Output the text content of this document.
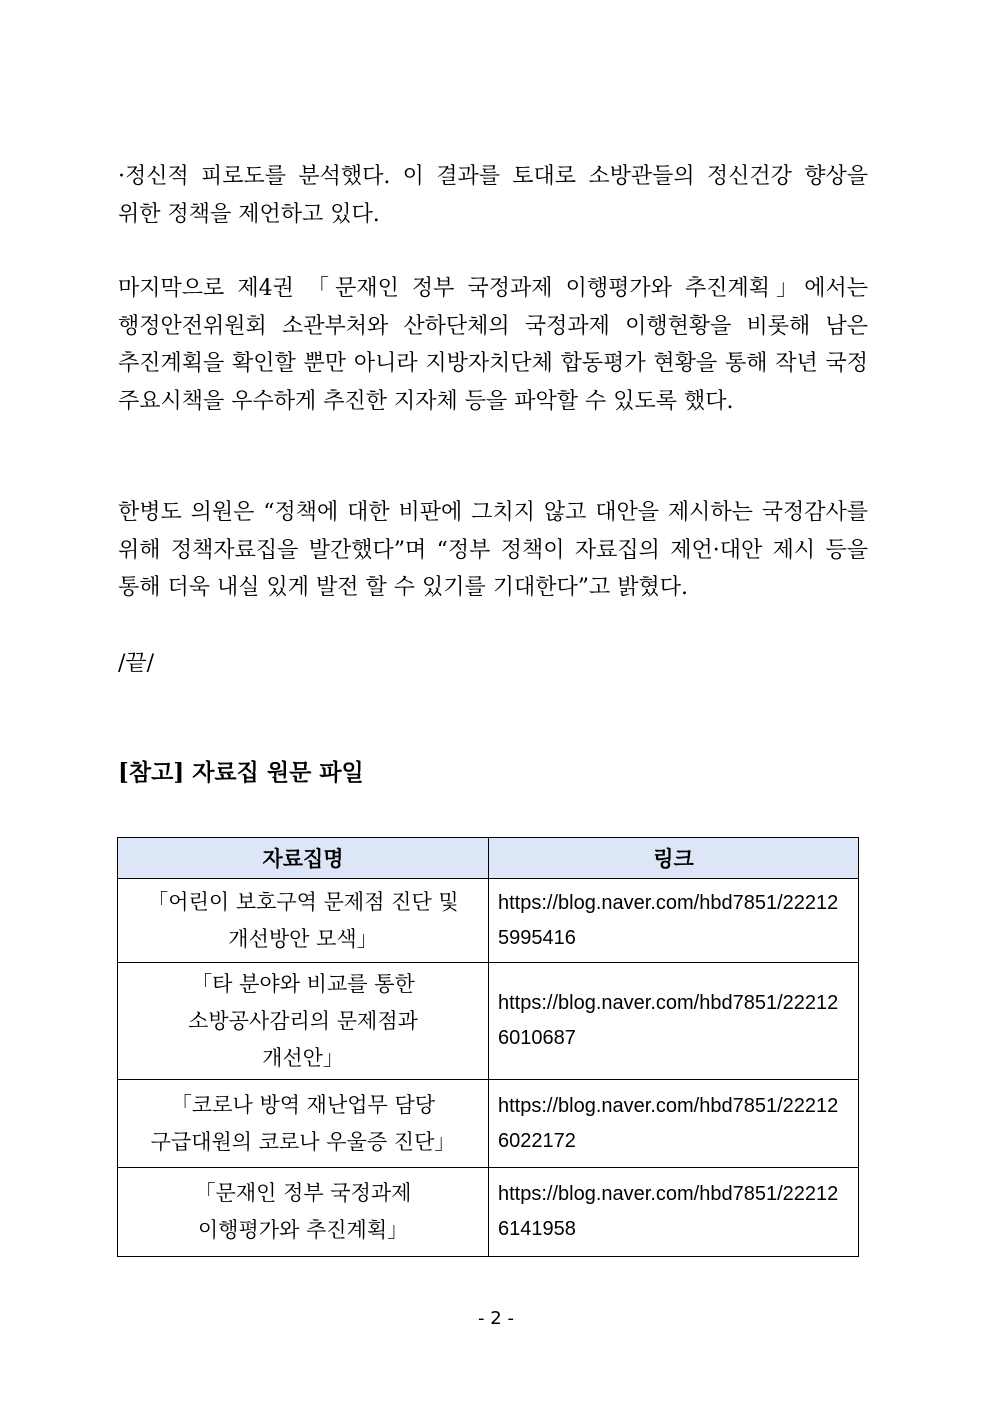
·정신적 피로도를 분석했다. 이 결과를 토대로 소방관들의 정신건강 향상을 위한 정책을 제언하고 있다.

마지막으로 제4권 「문재인 정부 국정과제 이행평가와 추진계획」에서는 행정안전위원회 소관부처와 산하단체의 국정과제 이행현황을 비롯해 남은 추진계획을 확인할 뿐만 아니라 지방자치단체 합동평가 현황을 통해 작년 국정 주요시책을 우수하게 추진한 지자체 등을 파악할 수 있도록 했다.

한병도 의원은 “정책에 대한 비판에 그치지 않고 대안을 제시하는 국정감사를 위해 정책자료집을 발간했다”며 “정부 정책이 자료집의 제언·대안 제시 등을 통해 더욱 내실 있게 발전 할 수 있기를 기대한다”고 밝혔다.

/끝/

[참고] 자료집 원문 파일
자료집명	링크

「어린이 보호구역 문제점 진단 및
개선방안 모색」	https://blog.naver.com/hbd7851/222125995416

「타 분야와 비교를 통한
소방공사감리의 문제점과
개선안」	https://blog.naver.com/hbd7851/222126010687

「코로나 방역 재난업무 담당
구급대원의 코로나 우울증 진단」	https://blog.naver.com/hbd7851/222126022172

「문재인 정부 국정과제
이행평가와 추진계획」	https://blog.naver.com/hbd7851/222126141958
- 2 -
